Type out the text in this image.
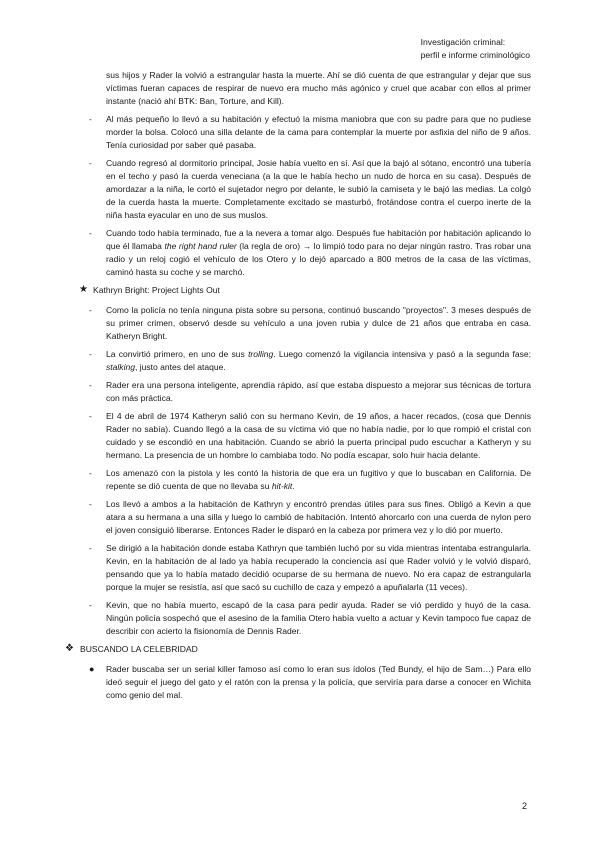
Investigación criminal:
perfil e informe criminológico

sus hijos y Rader la volvió a estrangular hasta la muerte. Ahí se dió cuenta de que estrangular y dejar que sus víctimas fueran capaces de respirar de nuevo era mucho más agónico y cruel que acabar con ellos al primer instante (nació ahí BTK: Ban, Torture, and Kill).

- Al más pequeño lo llevó a su habitación y efectuó la misma maniobra que con su padre para que no pudiese morder la bolsa. Colocó una silla delante de la cama para contemplar la muerte por asfixia del niño de 9 años. Tenía curiosidad por saber qué pasaba.
- Cuando regresó al dormitorio principal, Josie había vuelto en sí. Así que la bajó al sótano, encontró una tubería en el techo y pasó la cuerda veneciana (a la que le había hecho un nudo de horca en su casa). Después de amordazar a la niña, le cortó el sujetador negro por delante, le subió la camiseta y le bajó las medias. La colgó de la cuerda hasta la muerte. Completamente excitado se masturbó, frotándose contra el cuerpo inerte de la niña hasta eyacular en uno de sus muslos.
- Cuando todo había terminado, fue a la nevera a tomar algo. Después fue habitación por habitación aplicando lo que él llamaba the right hand ruler (la regla de oro) → lo limpió todo para no dejar ningún rastro. Tras robar una radio y un reloj cogió el vehículo de los Otero y lo dejó aparcado a 800 metros de la casa de las víctimas, caminó hasta su coche y se marchó.
★ Kathryn Bright: Project Lights Out
- Como la policía no tenía ninguna pista sobre su persona, continuó buscando "proyectos". 3 meses después de su primer crimen, observó desde su vehículo a una joven rubia y dulce de 21 años que entraba en casa. Katheryn Bright.
- La convirtió primero, en uno de sus trolling. Luego comenzó la vigilancia intensiva y pasó a la segunda fase: stalking, justo antes del ataque.
- Rader era una persona inteligente, aprendía rápido, así que estaba dispuesto a mejorar sus técnicas de tortura con más práctica.
- El 4 de abril de 1974 Katheryn salió con su hermano Kevin, de 19 años, a hacer recados, (cosa que Dennis Rader no sabía). Cuando llegó a la casa de su víctima vió que no había nadie, por lo que rompió el cristal con cuidado y se escondió en una habitación. Cuando se abrió la puerta principal pudo escuchar a Katheryn y su hermano. La presencia de un hombre lo cambiaba todo. No podía escapar, solo huir hacia delante.
- Los amenazó con la pistola y les contó la historia de que era un fugitivo y que lo buscaban en California. De repente se dió cuenta de que no llevaba su hit-kit.
- Los llevó a ambos a la habitación de Kathryn y encontró prendas útiles para sus fines. Obligó a Kevin a que atara a su hermana a una silla y luego lo cambió de habitación. Intentó ahorcarlo con una cuerda de nylon pero el joven consiguió liberarse. Entonces Rader le disparó en la cabeza por primera vez y lo dió por muerto.
- Se dirigió a la habitación donde estaba Kathryn que también luchó por su vida mientras intentaba estrangularla. Kevin, en la habitación de al lado ya había recuperado la conciencia así que Rader volvió y le volvió disparó, pensando que ya lo había matado decidió ocuparse de su hermana de nuevo. No era capaz de estrangularla porque la mujer se resistía, así que sacó su cuchillo de caza y empezó a apuñalarla (11 veces).
- Kevin, que no había muerto, escapó de la casa para pedir ayuda. Rader se vió perdido y huyó de la casa. Ningún policía sospechó que el asesino de la familia Otero había vuelto a actuar y Kevin tampoco fue capaz de describir con acierto la fisionomía de Dennis Rader.
❖ BUSCANDO LA CELEBRIDAD
● Rader buscaba ser un serial killer famoso así como lo eran sus ídolos (Ted Bundy, el hijo de Sam…) Para ello ideó seguir el juego del gato y el ratón con la prensa y la policía, que serviría para darse a conocer en Wichita como genio del mal.
2
